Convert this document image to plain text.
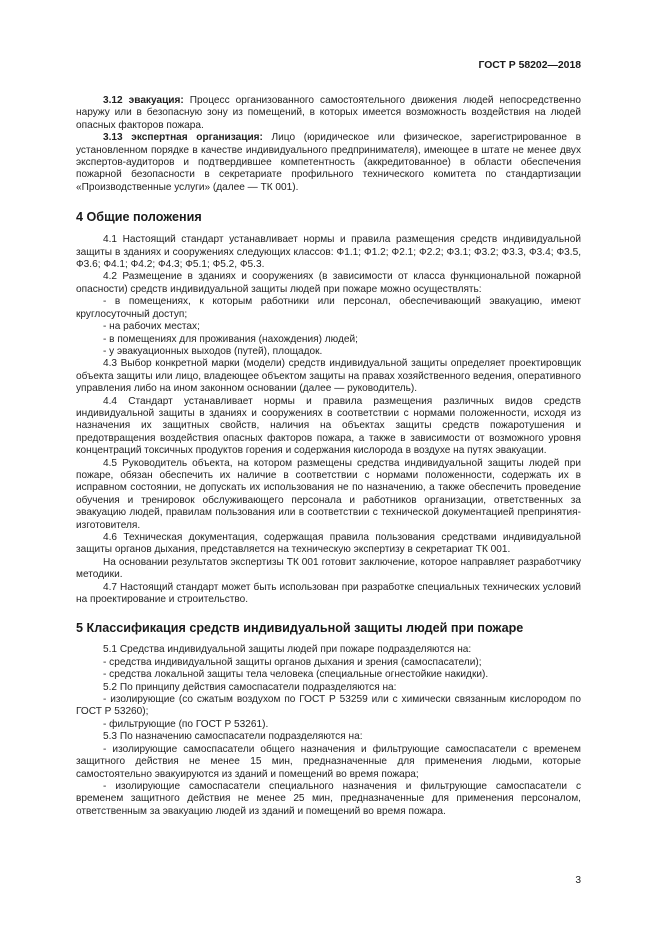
ГОСТ Р 58202—2018

3.12 эвакуация: Процесс организованного самостоятельного движения людей непосредственно наружу или в безопасную зону из помещений, в которых имеется возможность воздействия на людей опасных факторов пожара.

3.13 экспертная организация: Лицо (юридическое или физическое, зарегистрированное в установленном порядке в качестве индивидуального предпринимателя), имеющее в штате не менее двух экспертов-аудиторов и подтвердившее компетентность (аккредитованное) в области обеспечения пожарной безопасности в секретариате профильного технического комитета по стандартизации «Производственные услуги» (далее — ТК 001).

4 Общие положения

4.1 Настоящий стандарт устанавливает нормы и правила размещения средств индивидуальной защиты в зданиях и сооружениях следующих классов: Ф1.1; Ф1.2; Ф2.1; Ф2.2; Ф3.1; Ф3.2; Ф3.3, Ф3.4; Ф3.5, Ф3.6; Ф4.1; Ф4.2; Ф4.3; Ф5.1; Ф5.2, Ф5.3.

4.2 Размещение в зданиях и сооружениях (в зависимости от класса функциональной пожарной опасности) средств индивидуальной защиты людей при пожаре можно осуществлять:

- в помещениях, к которым работники или персонал, обеспечивающий эвакуацию, имеют круглосуточный доступ;

- на рабочих местах;

- в помещениях для проживания (нахождения) людей;

- у эвакуационных выходов (путей), площадок.

4.3 Выбор конкретной марки (модели) средств индивидуальной защиты определяет проектировщик объекта защиты или лицо, владеющее объектом защиты на правах хозяйственного ведения, оперативного управления либо на ином законном основании (далее — руководитель).

4.4 Стандарт устанавливает нормы и правила размещения различных видов средств индивидуальной защиты в зданиях и сооружениях в соответствии с нормами положенности, исходя из назначения их защитных свойств, наличия на объектах защиты средств пожаротушения и предотвращения воздействия опасных факторов пожара, а также в зависимости от возможного уровня концентраций токсичных продуктов горения и содержания кислорода в воздухе на путях эвакуации.

4.5 Руководитель объекта, на котором размещены средства индивидуальной защиты людей при пожаре, обязан обеспечить их наличие в соответствии с нормами положенности, содержать их в исправном состоянии, не допускать их использования не по назначению, а также обеспечить проведение обучения и тренировок обслуживающего персонала и работников организации, ответственных за эвакуацию людей, правилам пользования или в соответствии с технической документацией препринятия-изготовителя.

4.6 Техническая документация, содержащая правила пользования средствами индивидуальной защиты органов дыхания, представляется на техническую экспертизу в секретариат ТК 001.

На основании результатов экспертизы ТК 001 готовит заключение, которое направляет разработчику методики.

4.7 Настоящий стандарт может быть использован при разработке специальных технических условий на проектирование и строительство.

5 Классификация средств индивидуальной защиты людей при пожаре

5.1 Средства индивидуальной защиты людей при пожаре подразделяются на:

- средства индивидуальной защиты органов дыхания и зрения (самоспасатели);

- средства локальной защиты тела человека (специальные огнестойкие накидки).

5.2 По принципу действия самоспасатели подразделяются на:

- изолирующие (со сжатым воздухом по ГОСТ Р 53259 или с химически связанным кислородом по ГОСТ Р 53260);

- фильтрующие (по ГОСТ Р 53261).

5.3 По назначению самоспасатели подразделяются на:

- изолирующие самоспасатели общего назначения и фильтрующие самоспасатели с временем защитного действия не менее 15 мин, предназначенные для применения людьми, которые самостоятельно эвакуируются из зданий и помещений во время пожара;

- изолирующие самоспасатели специального назначения и фильтрующие самоспасатели с временем защитного действия не менее 25 мин, предназначенные для применения персоналом, ответственным за эвакуацию людей из зданий и помещений во время пожара.

3
